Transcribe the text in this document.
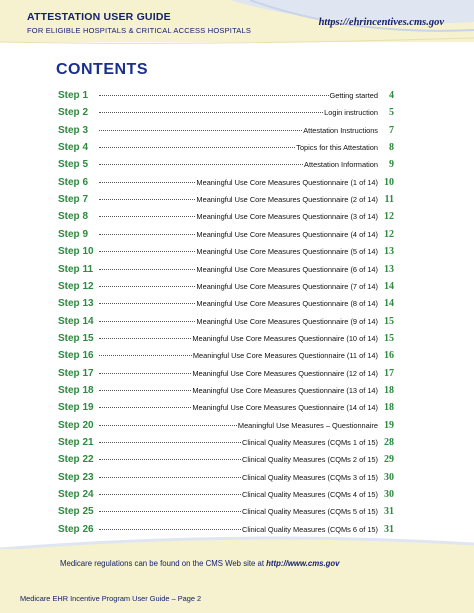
ATTESTATION USER GUIDE
FOR ELIGIBLE HOSPITALS & CRITICAL ACCESS HOSPITALS
https://ehrincentives.cms.gov
CONTENTS
Step 1	Getting started	4
Step 2	Login instruction	5
Step 3	Attestation Instructions	7
Step 4	Topics for this Attestation	8
Step 5	Attestation Information	9
Step 6	Meaningful Use Core Measures Questionnaire (1 of 14) 10
Step 7	Meaningful Use Core Measures Questionnaire (2 of 14) 11
Step 8	Meaningful Use Core Measures Questionnaire (3 of 14) 12
Step 9	Meaningful Use Core Measures Questionnaire (4 of 14) 12
Step 10	Meaningful Use Core Measures Questionnaire (5 of 14) 13
Step 11	Meaningful Use Core Measures Questionnaire (6 of 14) 13
Step 12	Meaningful Use Core Measures Questionnaire (7 of 14) 14
Step 13	Meaningful Use Core Measures Questionnaire (8 of 14) 14
Step 14	Meaningful Use Core Measures Questionnaire (9 of 14) 15
Step 15	Meaningful Use Core Measures Questionnaire (10 of 14) 15
Step 16	Meaningful Use Core Measures Questionnaire (11 of 14) 16
Step 17	Meaningful Use Core Measures Questionnaire (12 of 14) 17
Step 18	Meaningful Use Core Measures Questionnaire (13 of 14) 18
Step 19	Meaningful Use Core Measures Questionnaire (14 of 14) 18
Step 20	Meaningful Use Measures – Questionnaire 19
Step 21	Clinical Quality Measures (CQMs 1 of 15) 28
Step 22	Clinical Quality Measures (CQMs 2 of 15) 29
Step 23	Clinical Quality Measures (CQMs 3 of 15) 30
Step 24	Clinical Quality Measures (CQMs 4 of 15) 30
Step 25	Clinical Quality Measures (CQMs 5 of 15) 31
Step 26	Clinical Quality Measures (CQMs 6 of 15) 31
Medicare regulations can be found on the CMS Web site at http://www.cms.gov
Medicare EHR Incentive Program User Guide – Page 2
